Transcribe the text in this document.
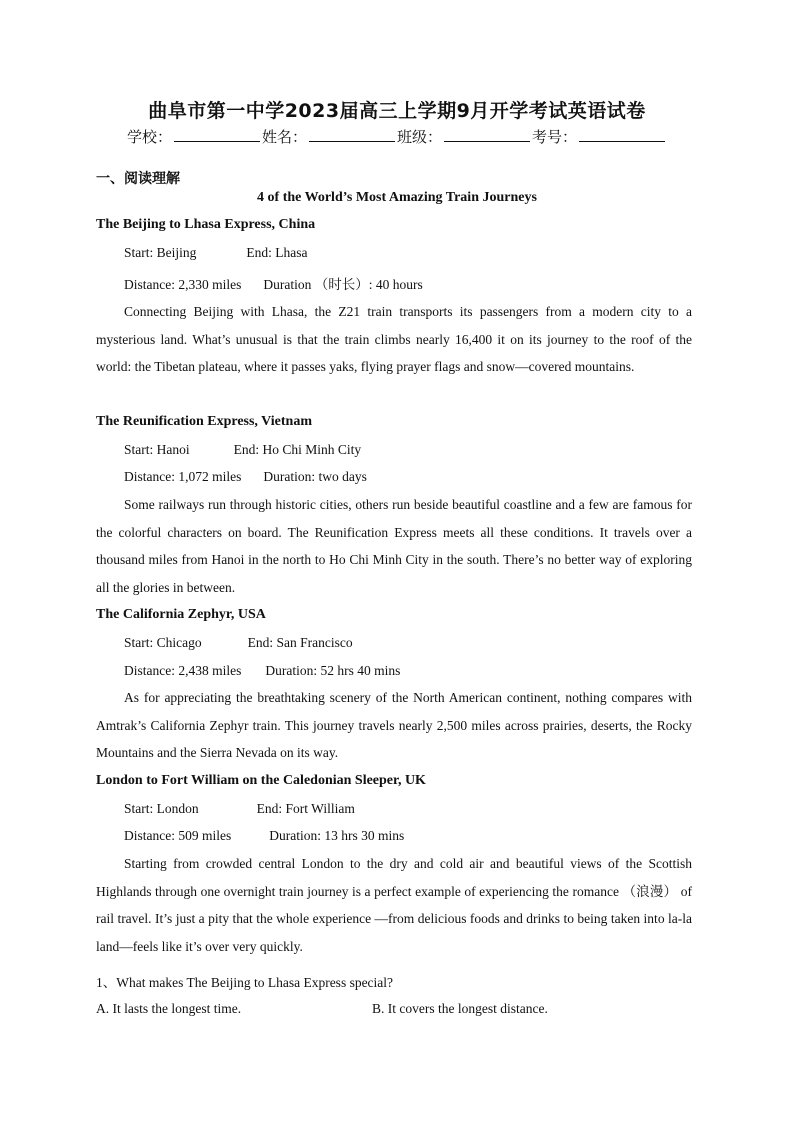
曲阜市第一中学2023届高三上学期9月开学考试英语试卷
学校：	姓名：	班级：	考号：
一、阅读理解
4 of the World’s Most Amazing Train Journeys
The Beijing to Lhasa Express, China
Start: Beijing	End: Lhasa
Distance: 2,330 miles Duration （时长）: 40 hours
Connecting Beijing with Lhasa, the Z21 train transports its passengers from a modern city to a mysterious land. What’s unusual is that the train climbs nearly 16,400 it on its journey to the roof of the world: the Tibetan plateau, where it passes yaks, flying prayer flags and snow—covered mountains.
The Reunification Express, Vietnam
Start: Hanoi	End: Ho Chi Minh City
Distance: 1,072 miles Duration: two days
Some railways run through historic cities, others run beside beautiful coastline and a few are famous for the colorful characters on board. The Reunification Express meets all these conditions. It travels over a thousand miles from Hanoi in the north to Ho Chi Minh City in the south. There’s no better way of exploring all the glories in between.
The California Zephyr, USA
Start: Chicago	End: San Francisco
Distance: 2,438 miles Duration: 52 hrs 40 mins
As for appreciating the breathtaking scenery of the North American continent, nothing compares with Amtrak’s California Zephyr train. This journey travels nearly 2,500 miles across prairies, deserts, the Rocky Mountains and the Sierra Nevada on its way.
London to Fort William on the Caledonian Sleeper, UK
Start: London	End: Fort William
Distance: 509 miles	Duration: 13 hrs 30 mins
Starting from crowded central London to the dry and cold air and beautiful views of the Scottish Highlands through one overnight train journey is a perfect example of experiencing the romance （浪漫） of rail travel. It’s just a pity that the whole experience —from delicious foods and drinks to being taken into la-la land—feels like it’s over very quickly.
1、What makes The Beijing to Lhasa Express special?
A. It lasts the longest time.	B. It covers the longest distance.
